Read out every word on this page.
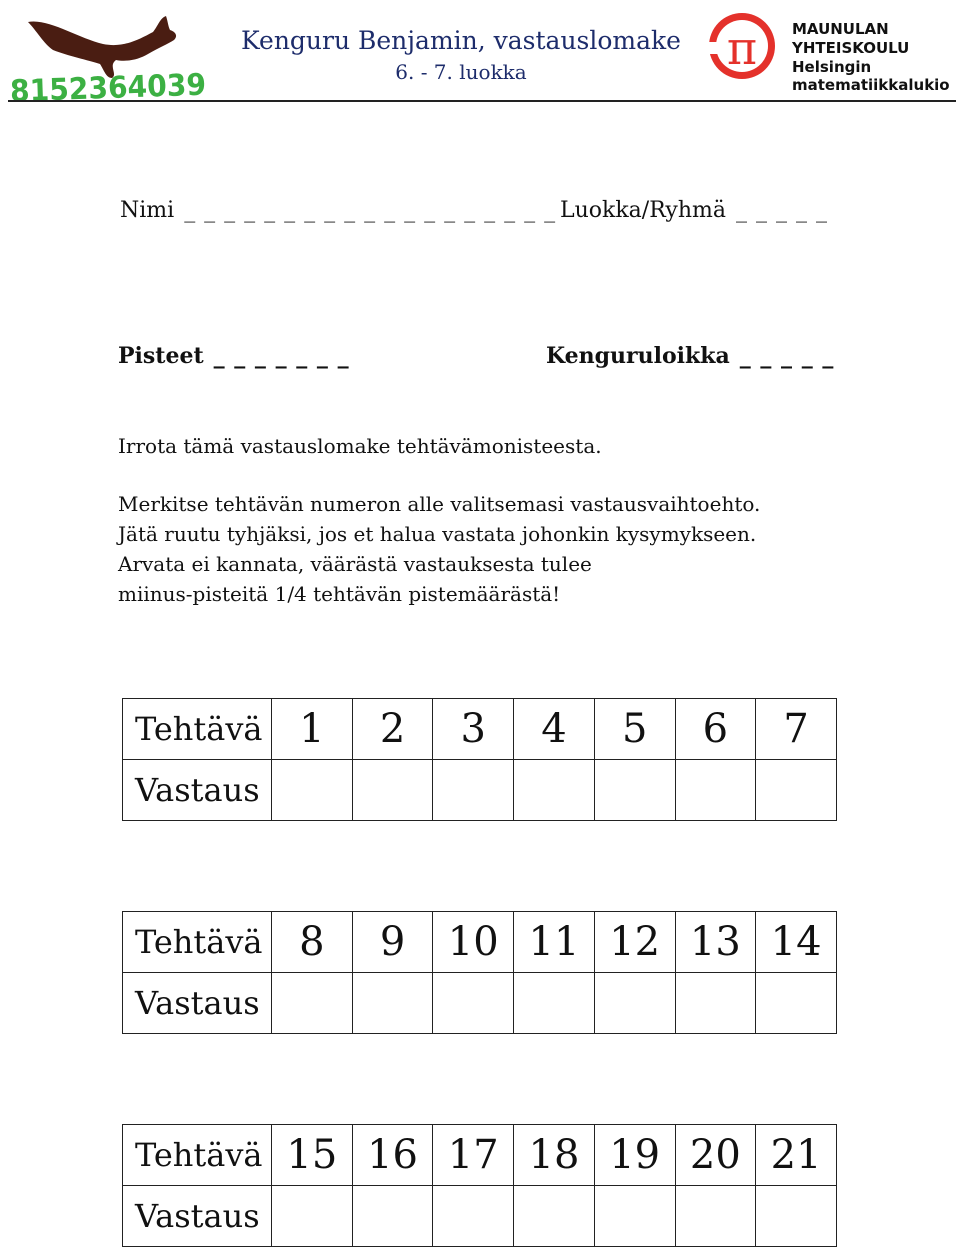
8152364039
Kenguru Benjamin, vastauslomake
6. - 7. luokka	π MAUNULAN
YHTEISKOULU
Helsingin
matematiikkalukio
Nimi _ _ _ _ _ _ _ _ _ _ _ _ _ _ _ _ _ _ _ Luokka/Ryhmä _ _ _ _ _
Pisteet _ _ _ _ _ _ _	Kenguruloikka _ _ _ _ _

Irrota tämä vastauslomake tehtävämonisteesta.

Merkitse tehtävän numeron alle valitsemasi vastausvaihtoehto.

Jätä ruutu tyhjäksi, jos et halua vastata johonkin kysymykseen.

Arvata ei kannata, väärästä vastauksesta tulee

miinus-pisteitä 1/4 tehtävän pistemäärästä!

Tehtävä	1	2	3	4	5	6	7
Vastaus							
Tehtävä	8	9	10	11	12	13	14
Vastaus							
Tehtävä	15	16	17	18	19	20	21
Vastaus							
